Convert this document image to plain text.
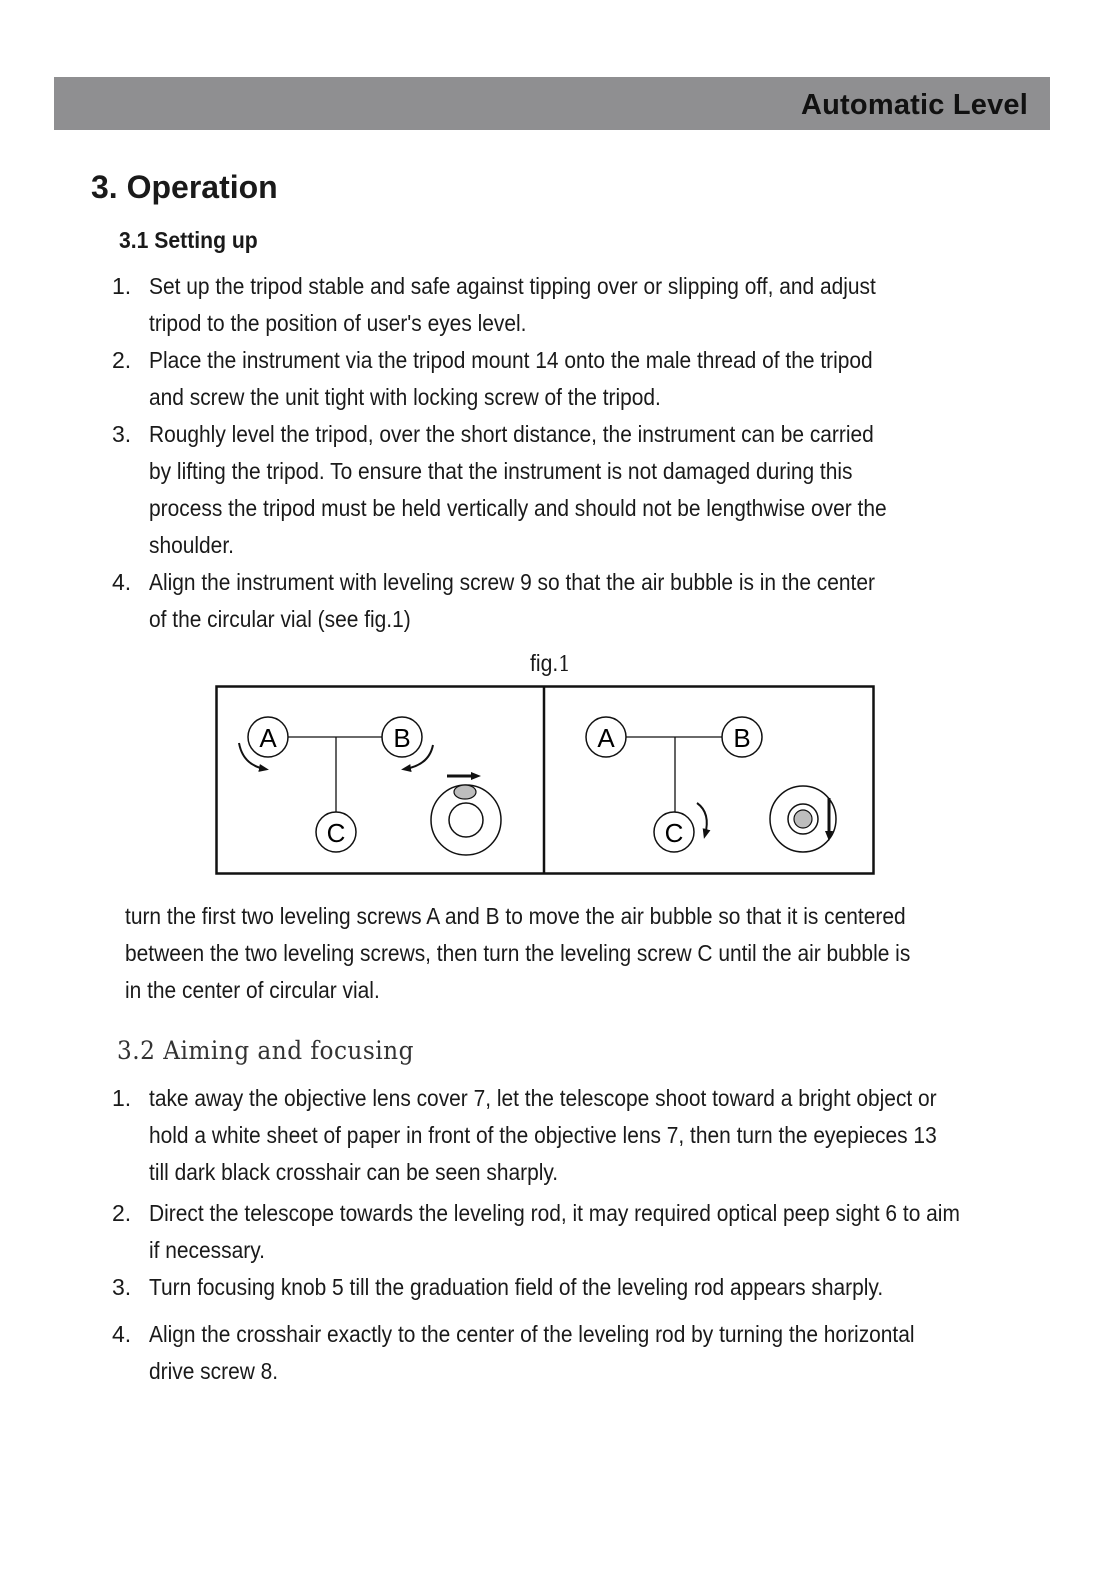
Automatic Level
3. Operation
3.1 Setting up
1. Set up the tripod stable and safe against tipping over or slipping off, and adjust
tripod to the position of user's eyes level.
2. Place the instrument via the tripod mount 14 onto the male thread of the tripod
and screw the unit tight with locking screw of the tripod.
3. Roughly level the tripod, over the short distance, the instrument can be carried
by lifting the tripod. To ensure that the instrument is not damaged during this
process the tripod must be held vertically and should not be lengthwise over the
shoulder.
4. Align the instrument with leveling screw 9 so that the air bubble is in the center
of the circular vial (see fig.1)
fig.1
A	B
C
A	B
C
turn the first two leveling screws A and B to move the air bubble so that it is centered
between the two leveling screws, then turn the leveling screw C until the air bubble is
in the center of circular vial.
3.2 Aiming and focusing
1. take away the objective lens cover 7, let the telescope shoot toward a bright object or
hold a white sheet of paper in front of the objective lens 7, then turn the eyepieces 13
till dark black crosshair can be seen sharply.
2. Direct the telescope towards the leveling rod, it may required optical peep sight 6 to aim
if necessary.
3. Turn focusing knob 5 till the graduation field of the leveling rod appears sharply.
4. Align the crosshair exactly to the center of the leveling rod by turning the horizontal
drive screw 8.
